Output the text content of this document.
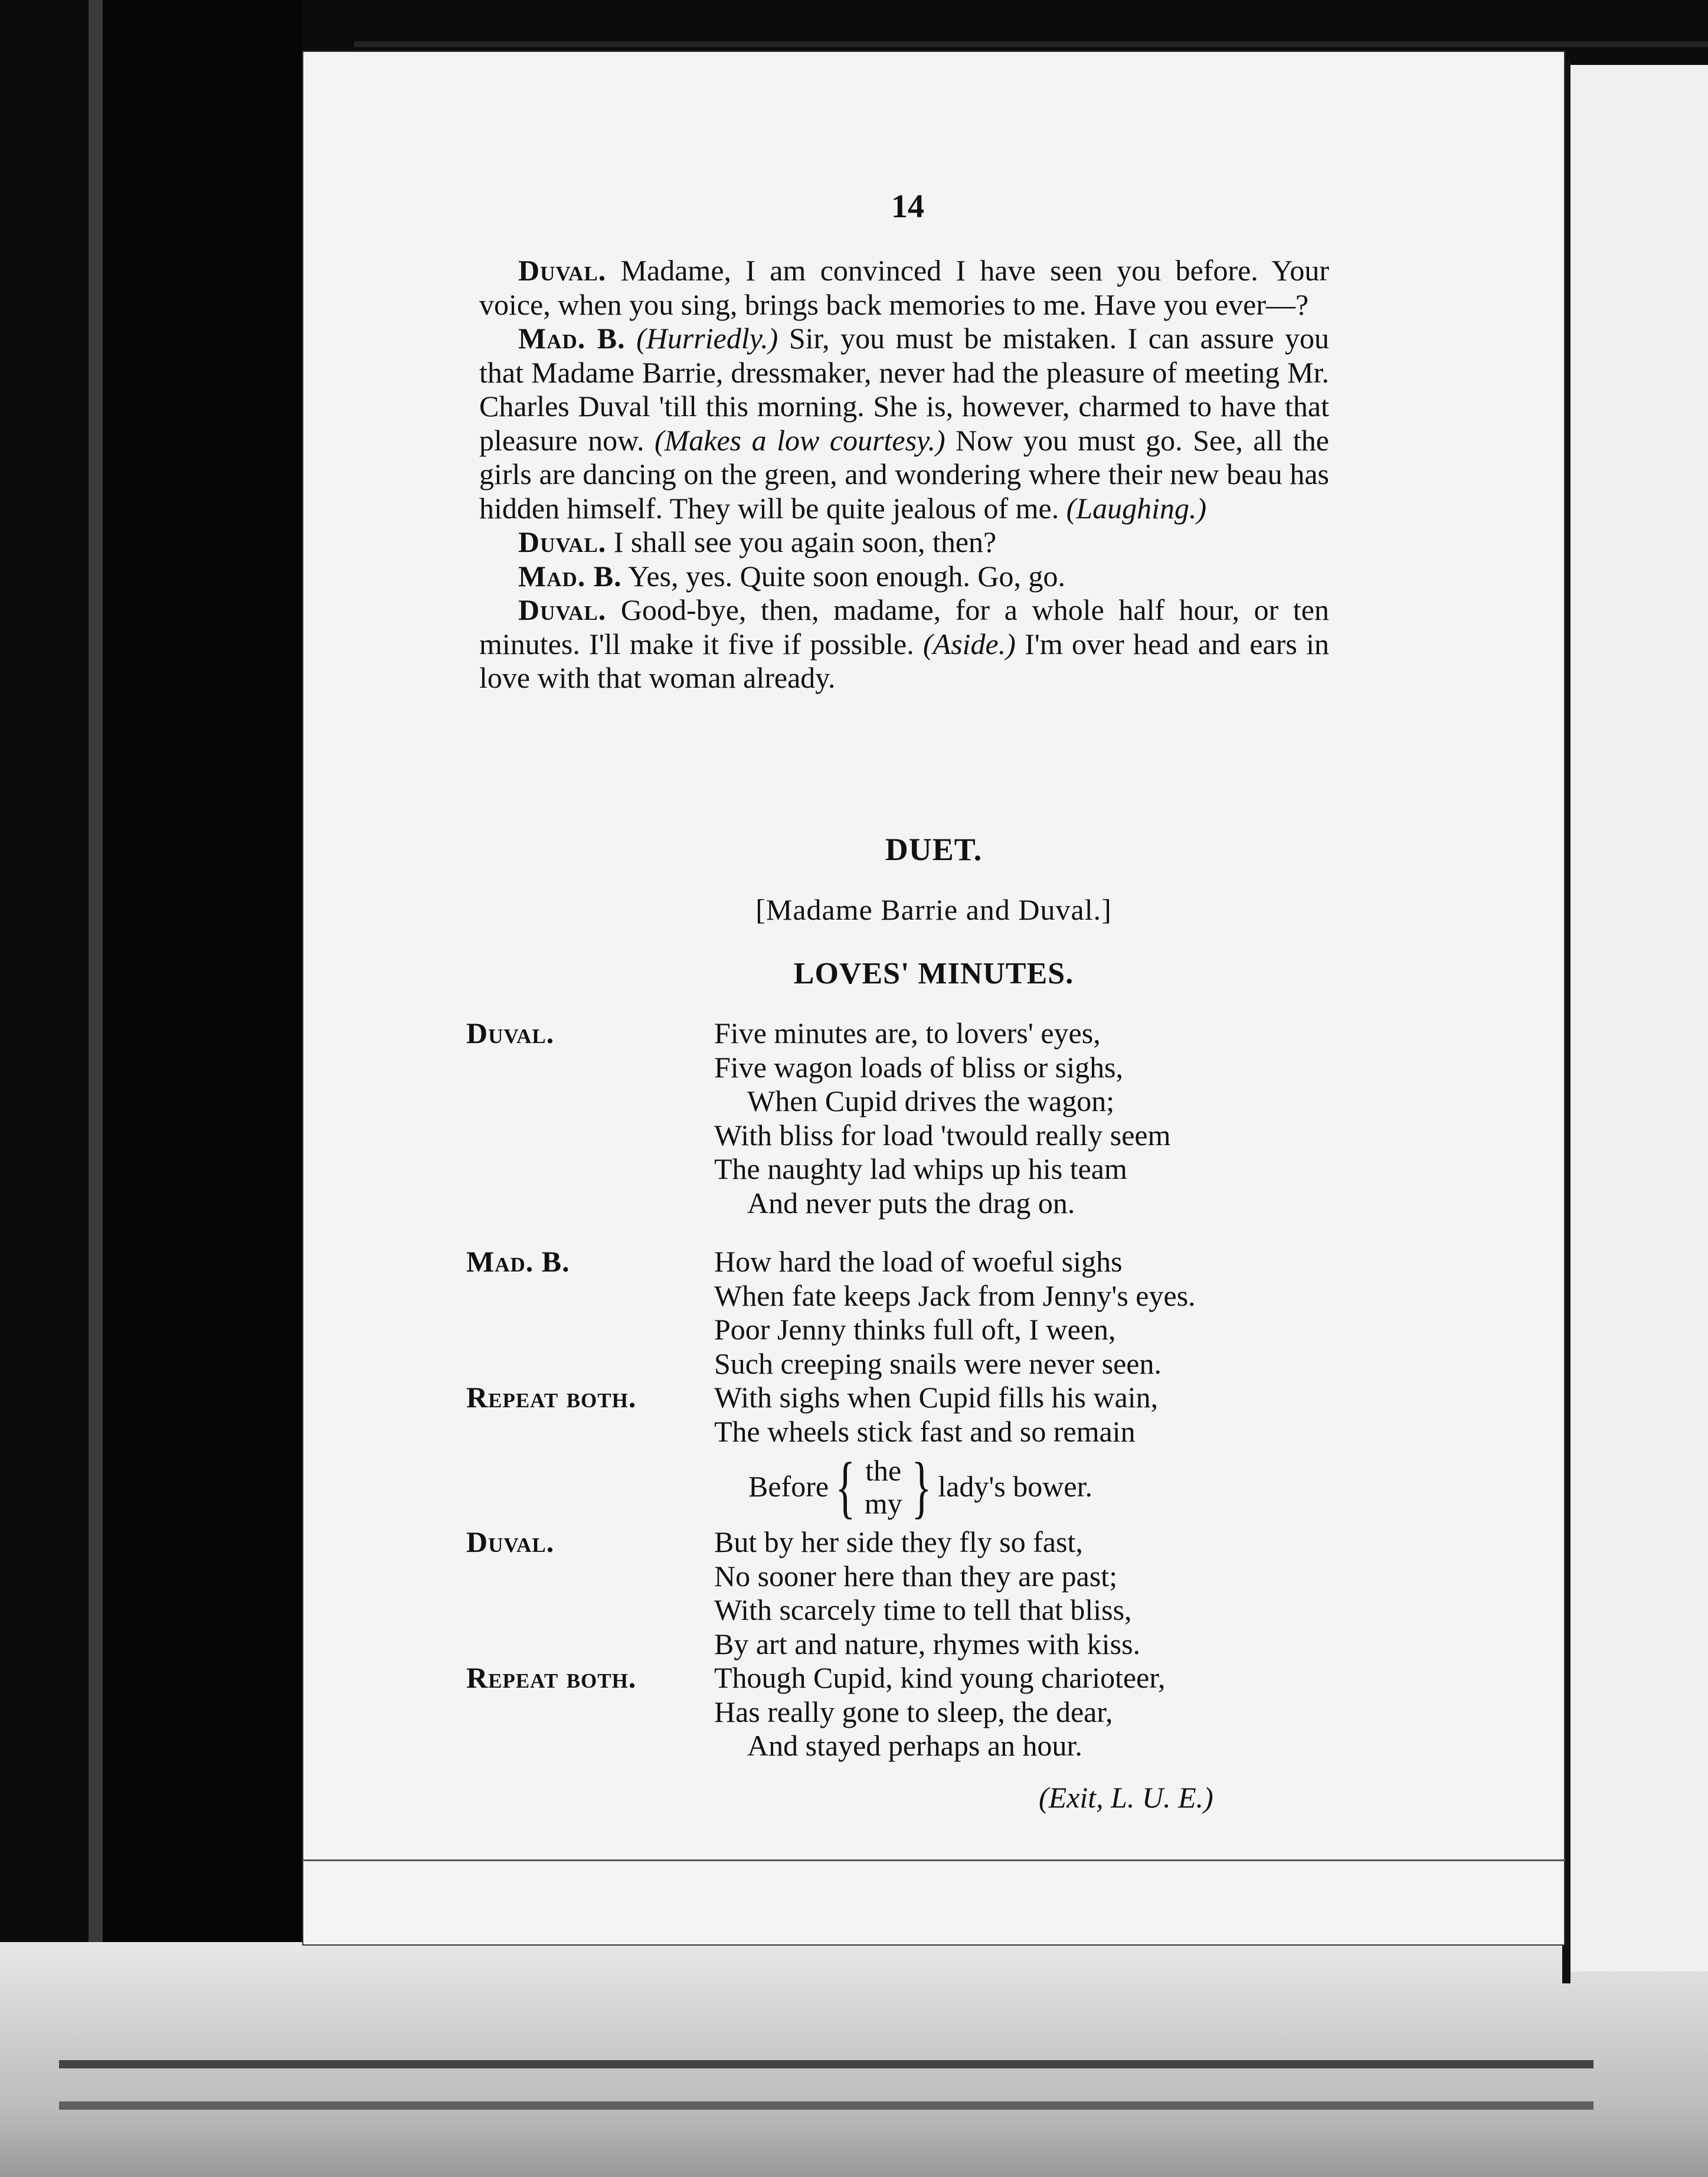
14

Duval. Madame, I am convinced I have seen you before. Your voice, when you sing, brings back memories to me. Have you ever—?

Mad. B. (Hurriedly.) Sir, you must be mistaken. I can assure you that Madame Barrie, dressmaker, never had the pleasure of meeting Mr. Charles Duval 'till this morning. She is, however, charmed to have that pleasure now. (Makes a low courtesy.) Now you must go. See, all the girls are dancing on the green, and wondering where their new beau has hidden himself. They will be quite jealous of me. (Laughing.)

Duval. I shall see you again soon, then?

Mad. B. Yes, yes. Quite soon enough. Go, go.

Duval. Good-bye, then, madame, for a whole half hour, or ten minutes. I'll make it five if possible. (Aside.) I'm over head and ears in love with that woman already.

DUET.
[Madame Barrie and Duval.]
LOVES' MINUTES.
Duval.	Five minutes are, to lovers' eyes,
Five wagon loads of bliss or sighs,
When Cupid drives the wagon;
With bliss for load 'twould really seem
The naughty lad whips up his team
And never puts the drag on.
Mad. B.	How hard the load of woeful sighs
When fate keeps Jack from Jenny's eyes.
Poor Jenny thinks full oft, I ween,
Such creeping snails were never seen.
Repeat both.	With sighs when Cupid fills his wain,
The wheels stick fast and so remain
Before { the
my } lady's bower.
Duval.	But by her side they fly so fast,
No sooner here than they are past;
With scarcely time to tell that bliss,
By art and nature, rhymes with kiss.
Repeat both.	Though Cupid, kind young charioteer,
Has really gone to sleep, the dear,
And stayed perhaps an hour.
(Exit, L. U. E.)
